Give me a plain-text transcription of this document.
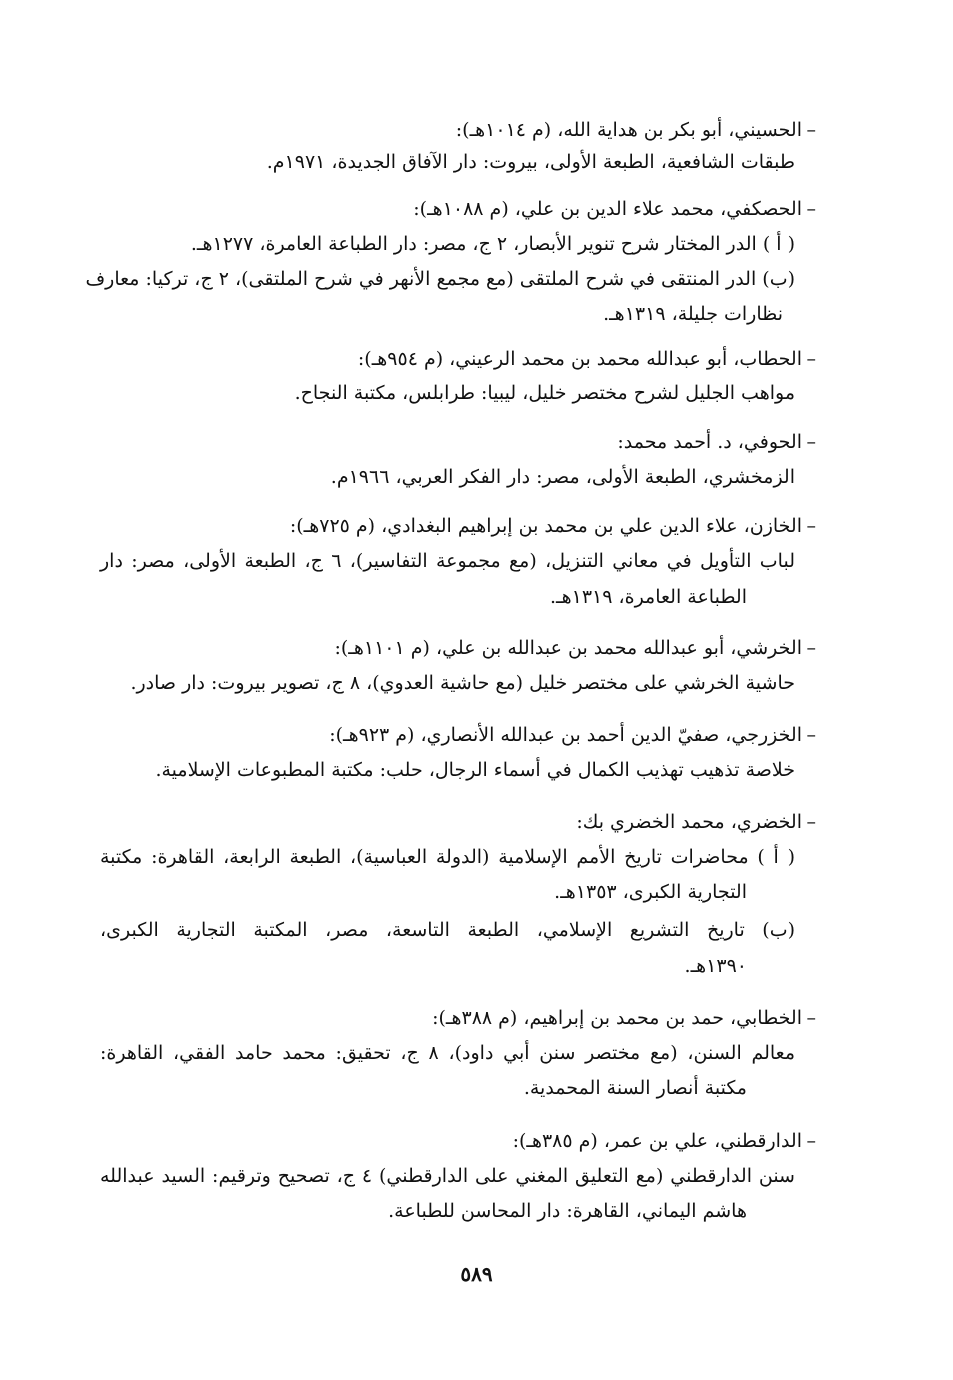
–الحسيني، أبو بكر بن هداية الله، (م ١٠١٤هـ):
طبقات الشافعية، الطبعة الأولى، بيروت: دار الآفاق الجديدة، ١٩٧١م.
–الحصكفي، محمد علاء الدين بن علي، (م ١٠٨٨هـ):
( أ ) الدر المختار شرح تنوير الأبصار، ٢ ج، مصر: دار الطباعة العامرة، ١٢٧٧هـ.
(ب) الدر المنتقى في شرح الملتقى (مع مجمع الأنهر في شرح الملتقى)، ٢ ج، تركيا: معارف
نظارات جليلة، ١٣١٩هـ.
–الحطاب، أبو عبدالله محمد بن محمد الرعيني، (م ٩٥٤هـ):
مواهب الجليل لشرح مختصر خليل، ليبيا: طرابلس، مكتبة النجاح.
–الحوفي، د. أحمد محمد:
الزمخشري، الطبعة الأولى، مصر: دار الفكر العربي، ١٩٦٦م.
–الخازن، علاء الدين علي بن محمد بن إبراهيم البغدادي، (م ٧٢٥هـ):
لباب التأويل في معاني التنزيل، (مع مجموعة التفاسير)، ٦ ج، الطبعة الأولى، مصر: دار
الطباعة العامرة، ١٣١٩هـ.
–الخرشي، أبو عبدالله محمد بن عبدالله بن علي، (م ١١٠١هـ):
حاشية الخرشي على مختصر خليل (مع حاشية العدوي)، ٨ ج، تصوير بيروت: دار صادر.
–الخزرجي، صفيّ الدين أحمد بن عبدالله الأنصاري، (م ٩٢٣هـ):
خلاصة تذهيب تهذيب الكمال في أسماء الرجال، حلب: مكتبة المطبوعات الإسلامية.
–الخضري، محمد الخضري بك:
( أ ) محاضرات تاريخ الأمم الإسلامية (الدولة العباسية)، الطبعة الرابعة، القاهرة: مكتبة
التجارية الكبرى، ١٣٥٣هـ.
(ب) تاريخ التشريع الإسلامي، الطبعة التاسعة، مصر، المكتبة التجارية الكبرى،
١٣٩٠هـ.
–الخطابي، حمد بن محمد بن إبراهيم، (م ٣٨٨هـ):
معالم السنن، (مع مختصر سنن أبي داود)، ٨ ج، تحقيق: محمد حامد الفقي، القاهرة:
مكتبة أنصار السنة المحمدية.
–الدارقطني، علي بن عمر، (م ٣٨٥هـ):
سنن الدارقطني (مع التعليق المغني على الدارقطني) ٤ ج، تصحيح وترقيم: السيد عبدالله
هاشم اليماني، القاهرة: دار المحاسن للطباعة.
٥٨٩
